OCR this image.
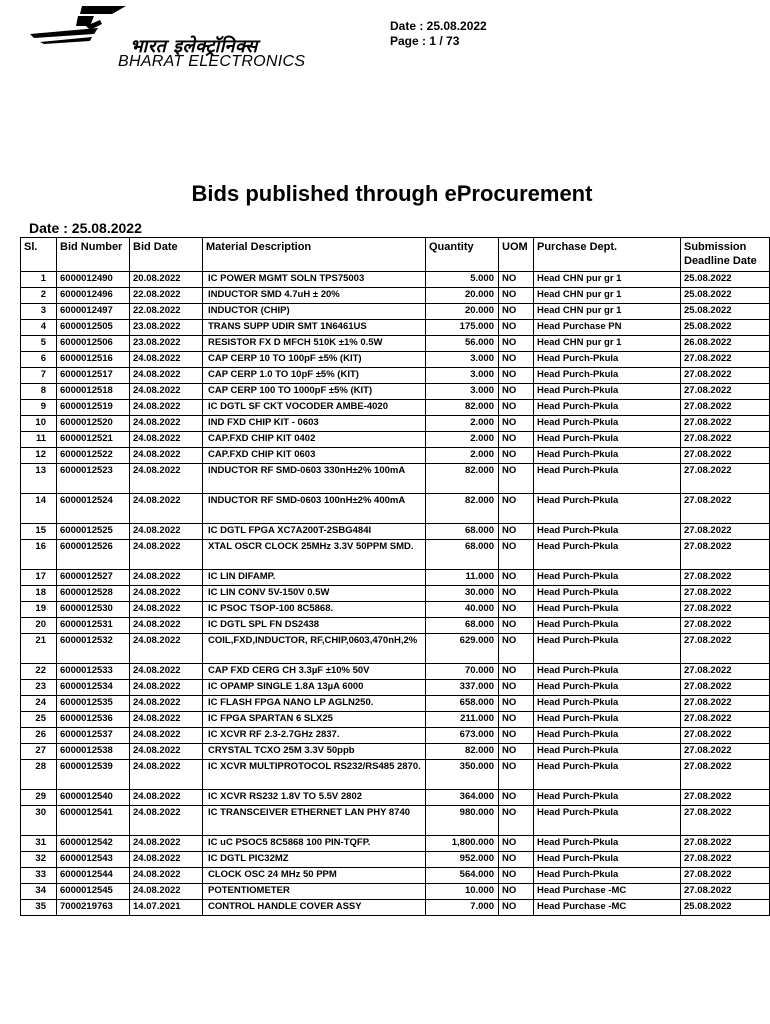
भारत इलेक्ट्रॉनिक्स
BHARAT ELECTRONICS
Date : 25.08.2022
Page : 1 / 73
Bids published through eProcurement
Date : 25.08.2022
Sl.	Bid Number	Bid Date	Material Description	Quantity	UOM	Purchase Dept.	Submission Deadline Date
1	6000012490	20.08.2022	IC POWER MGMT SOLN TPS75003	5.000	NO	Head CHN pur gr 1	25.08.2022
2	6000012496	22.08.2022	INDUCTOR SMD 4.7uH ± 20%	20.000	NO	Head CHN pur gr 1	25.08.2022
3	6000012497	22.08.2022	INDUCTOR (CHIP)	20.000	NO	Head CHN pur gr 1	25.08.2022
4	6000012505	23.08.2022	TRANS SUPP UDIR SMT 1N6461US	175.000	NO	Head Purchase PN	25.08.2022
5	6000012506	23.08.2022	RESISTOR FX D MFCH 510K ±1% 0.5W	56.000	NO	Head CHN pur gr 1	26.08.2022
6	6000012516	24.08.2022	CAP CERP 10 TO 100pF ±5% (KIT)	3.000	NO	Head Purch-Pkula	27.08.2022
7	6000012517	24.08.2022	CAP CERP 1.0 TO 10pF ±5% (KIT)	3.000	NO	Head Purch-Pkula	27.08.2022
8	6000012518	24.08.2022	CAP CERP 100 TO 1000pF ±5% (KIT)	3.000	NO	Head Purch-Pkula	27.08.2022
9	6000012519	24.08.2022	IC DGTL SF CKT VOCODER AMBE-4020	82.000	NO	Head Purch-Pkula	27.08.2022
10	6000012520	24.08.2022	IND FXD CHIP KIT - 0603	2.000	NO	Head Purch-Pkula	27.08.2022
11	6000012521	24.08.2022	CAP.FXD CHIP KIT 0402	2.000	NO	Head Purch-Pkula	27.08.2022
12	6000012522	24.08.2022	CAP.FXD CHIP KIT 0603	2.000	NO	Head Purch-Pkula	27.08.2022
13	6000012523	24.08.2022	INDUCTOR RF SMD-0603 330nH±2% 100mA	82.000	NO	Head Purch-Pkula	27.08.2022
14	6000012524	24.08.2022	INDUCTOR RF SMD-0603 100nH±2% 400mA	82.000	NO	Head Purch-Pkula	27.08.2022
15	6000012525	24.08.2022	IC DGTL FPGA XC7A200T-2SBG484I	68.000	NO	Head Purch-Pkula	27.08.2022
16	6000012526	24.08.2022	XTAL OSCR CLOCK 25MHz 3.3V 50PPM SMD.	68.000	NO	Head Purch-Pkula	27.08.2022
17	6000012527	24.08.2022	IC LIN DIFAMP.	11.000	NO	Head Purch-Pkula	27.08.2022
18	6000012528	24.08.2022	IC LIN CONV 5V-150V 0.5W	30.000	NO	Head Purch-Pkula	27.08.2022
19	6000012530	24.08.2022	IC PSOC TSOP-100 8C5868.	40.000	NO	Head Purch-Pkula	27.08.2022
20	6000012531	24.08.2022	IC DGTL SPL FN DS2438	68.000	NO	Head Purch-Pkula	27.08.2022
21	6000012532	24.08.2022	COIL,FXD,INDUCTOR, RF,CHIP,0603,470nH,2%	629.000	NO	Head Purch-Pkula	27.08.2022
22	6000012533	24.08.2022	CAP FXD CERG CH 3.3µF ±10% 50V	70.000	NO	Head Purch-Pkula	27.08.2022
23	6000012534	24.08.2022	IC OPAMP SINGLE 1.8A 13µA 6000	337.000	NO	Head Purch-Pkula	27.08.2022
24	6000012535	24.08.2022	IC FLASH FPGA NANO LP AGLN250.	658.000	NO	Head Purch-Pkula	27.08.2022
25	6000012536	24.08.2022	IC FPGA SPARTAN 6 SLX25	211.000	NO	Head Purch-Pkula	27.08.2022
26	6000012537	24.08.2022	IC XCVR RF 2.3-2.7GHz 2837.	673.000	NO	Head Purch-Pkula	27.08.2022
27	6000012538	24.08.2022	CRYSTAL TCXO 25M 3.3V 50ppb	82.000	NO	Head Purch-Pkula	27.08.2022
28	6000012539	24.08.2022	IC XCVR MULTIPROTOCOL RS232/RS485 2870.	350.000	NO	Head Purch-Pkula	27.08.2022
29	6000012540	24.08.2022	IC XCVR RS232 1.8V TO 5.5V 2802	364.000	NO	Head Purch-Pkula	27.08.2022
30	6000012541	24.08.2022	IC TRANSCEIVER ETHERNET LAN PHY 8740	980.000	NO	Head Purch-Pkula	27.08.2022
31	6000012542	24.08.2022	IC uC PSOC5 8C5868 100 PIN-TQFP.	1,800.000	NO	Head Purch-Pkula	27.08.2022
32	6000012543	24.08.2022	IC DGTL PIC32MZ	952.000	NO	Head Purch-Pkula	27.08.2022
33	6000012544	24.08.2022	CLOCK OSC 24 MHz 50 PPM	564.000	NO	Head Purch-Pkula	27.08.2022
34	6000012545	24.08.2022	POTENTIOMETER	10.000	NO	Head Purchase -MC	27.08.2022
35	7000219763	14.07.2021	CONTROL HANDLE COVER ASSY	7.000	NO	Head Purchase -MC	25.08.2022
